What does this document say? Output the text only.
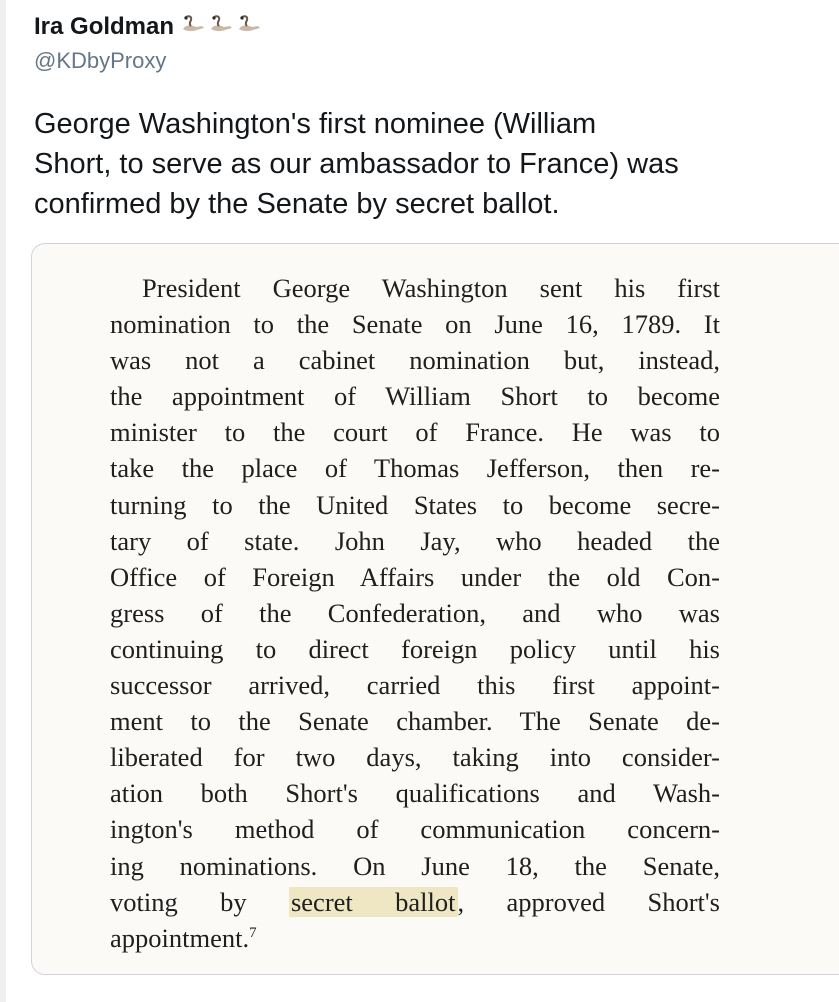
Ira Goldman
@KDbyProxy
George Washington's first nominee (William
Short, to serve as our ambassador to France) was
confirmed by the Senate by secret ballot.
President George Washington sent his first
nomination to the Senate on June 16, 1789. It
was not a cabinet nomination but, instead,
the appointment of William Short to become
minister to the court of France. He was to
take the place of Thomas Jefferson, then re-
turning to the United States to become secre-
tary of state. John Jay, who headed the
Office of Foreign Affairs under the old Con-
gress of the Confederation, and who was
continuing to direct foreign policy until his
successor arrived, carried this first appoint-
ment to the Senate chamber. The Senate de-
liberated for two days, taking into consider-
ation both Short's qualifications and Wash-
ington's method of communication concern-
ing nominations. On June 18, the Senate,
voting by secret ballot, approved Short's
appointment.$^7$
